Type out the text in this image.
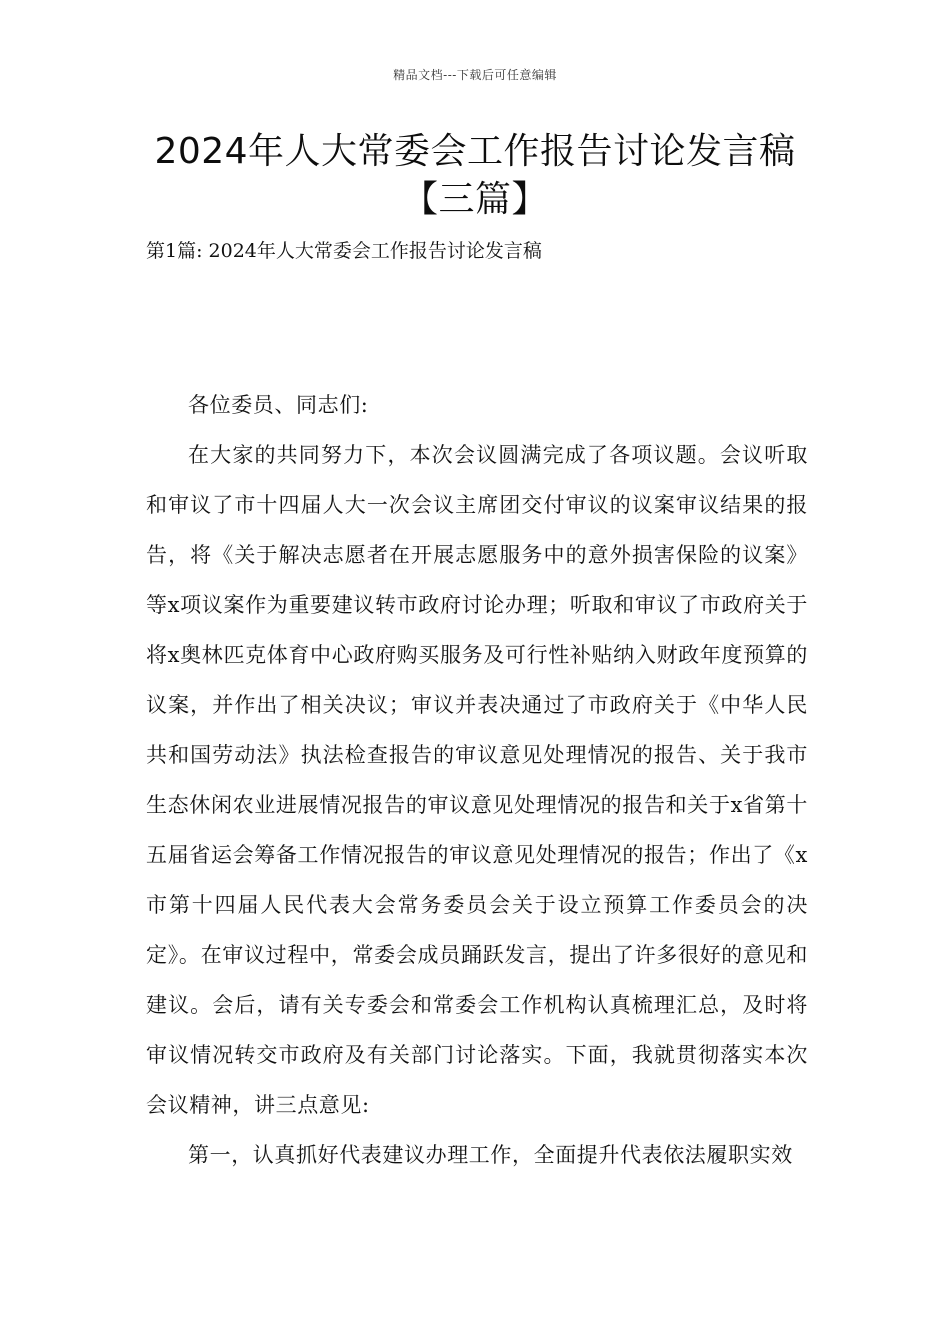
精品文档---下载后可任意编辑
2024年人大常委会工作报告讨论发言稿
【三篇】
第1篇: 2024年人大常委会工作报告讨论发言稿

各位委员、同志们:

在大家的共同努力下，本次会议圆满完成了各项议题。会议听取和审议了市十四届人大一次会议主席团交付审议的议案审议结果的报告，将《关于解决志愿者在开展志愿服务中的意外损害保险的议案》等x项议案作为重要建议转市政府讨论办理；听取和审议了市政府关于将x奥林匹克体育中心政府购买服务及可行性补贴纳入财政年度预算的议案，并作出了相关决议；审议并表决通过了市政府关于《中华人民共和国劳动法》执法检查报告的审议意见处理情况的报告、关于我市生态休闲农业进展情况报告的审议意见处理情况的报告和关于x省第十五届省运会筹备工作情况报告的审议意见处理情况的报告；作出了《x市第十四届人民代表大会常务委员会关于设立预算工作委员会的决定》。在审议过程中，常委会成员踊跃发言，提出了许多很好的意见和建议。会后，请有关专委会和常委会工作机构认真梳理汇总，及时将审议情况转交市政府及有关部门讨论落实。下面，我就贯彻落实本次会议精神，讲三点意见:

第一，认真抓好代表建议办理工作，全面提升代表依法履职实效
